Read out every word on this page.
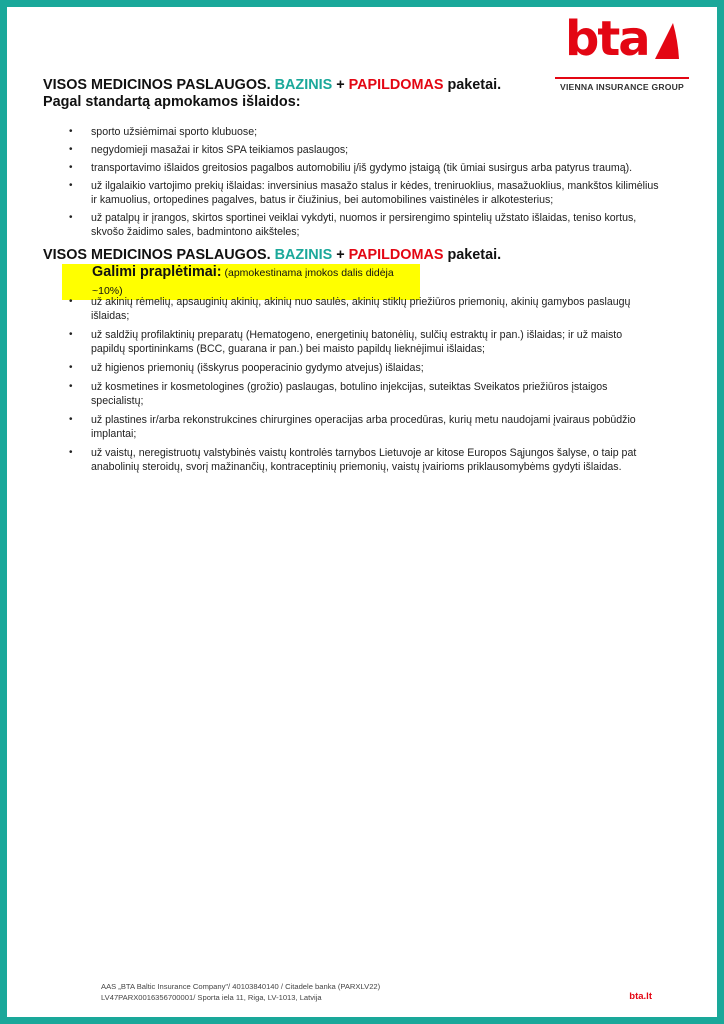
bta
VIENNA INSURANCE GROUP
VISOS MEDICINOS PASLAUGOS. BAZINIS + PAPILDOMAS paketai.
Pagal standartą apmokamos išlaidos:
• sporto užsiėmimai sporto klubuose;
• negydomieji masažai ir kitos SPA teikiamos paslaugos;
• transportavimo išlaidos greitosios pagalbos automobiliu į/iš gydymo įstaigą (tik ūmiai susirgus arba patyrus traumą).
• už ilgalaikio vartojimo prekių išlaidas: inversinius masažo stalus ir kėdes, treniruoklius, masažuoklius, mankštos kilimėlius ir kamuolius, ortopedines pagalves, batus ir čiužinius, bei automobilines vaistinėles ir alkotesterius;
• už patalpų ir įrangos, skirtos sportinei veiklai vykdyti, nuomos ir persirengimo spintelių užstato išlaidas, teniso kortus, skvošo žaidimo sales, badmintono aikšteles;
VISOS MEDICINOS PASLAUGOS. BAZINIS + PAPILDOMAS paketai.
Galimi praplėtimai: (apmokestinama įmokos dalis didėja ~10%)
• už akinių rėmelių, apsauginių akinių, akinių nuo saulės, akinių stiklų priežiūros priemonių, akinių gamybos paslaugų išlaidas;
• už saldžių profilaktinių preparatų (Hematogeno, energetinių batonėlių, sulčių estraktų ir pan.) išlaidas; ir už maisto papildų sportininkams (BCC, guarana ir pan.) bei maisto papildų lieknėjimui išlaidas;
• už higienos priemonių (išskyrus pooperacinio gydymo atvejus) išlaidas;
• už kosmetines ir kosmetologines (grožio) paslaugas, botulino injekcijas, suteiktas Sveikatos priežiūros įstaigos specialistų;
• už plastines ir/arba rekonstrukcines chirurgines operacijas arba procedūras, kurių metu naudojami įvairaus pobūdžio implantai;
• už vaistų, neregistruotų valstybinės vaistų kontrolės tarnybos Lietuvoje ar kitose Europos Sąjungos šalyse, o taip pat anabolinių steroidų, svorį mažinančių, kontraceptinių priemonių, vaistų įvairioms priklausomybėms gydyti išlaidas.
AAS „BTA Baltic Insurance Company"/ 40103840140 / Citadele banka (PARXLV22)
LV47PARX0016356700001/ Sporta iela 11, Riga, LV-1013, Latvija	bta.lt
